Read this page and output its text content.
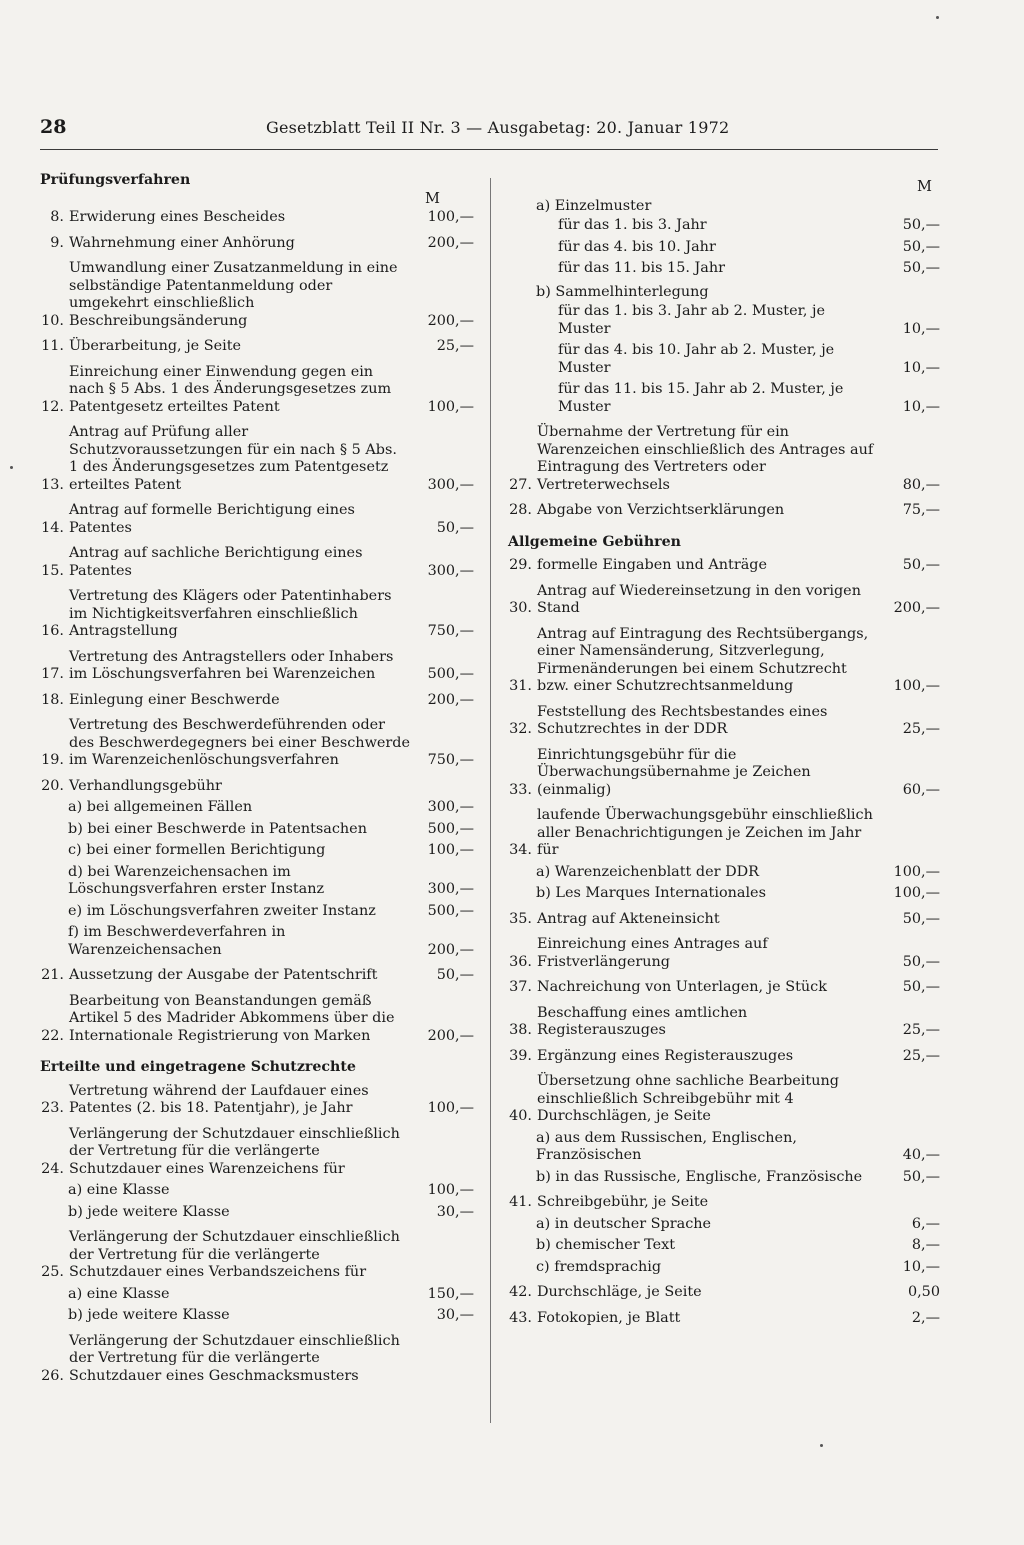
28	Gesetzblatt Teil II Nr. 3 — Ausgabetag: 20. Januar 1972
Prüfungsverfahren
M
8. Erwiderung eines Bescheides	100,—
9. Wahrnehmung einer Anhörung	200,—
10.
Umwandlung einer Zusatzanmeldung in eine selbständige Patentanmeldung oder umgekehrt einschließlich Beschreibungsänderung	200,—
11. Überarbeitung, je Seite	25,—
12.
Einreichung einer Einwendung gegen ein nach § 5 Abs. 1 des Änderungsgesetzes zum Patentgesetz erteiltes Patent	100,—
13.
Antrag auf Prüfung aller Schutzvoraussetzungen für ein nach § 5 Abs. 1 des Änderungsgesetzes zum Patentgesetz erteiltes Patent	300,—
14.
Antrag auf formelle Berichtigung eines Patentes	50,—
15.
Antrag auf sachliche Berichtigung eines Patentes	300,—
16.
Vertretung des Klägers oder Patentinhabers im Nichtigkeitsverfahren einschließlich Antragstellung	750,—
17.
Vertretung des Antragstellers oder Inhabers im Löschungsverfahren bei Warenzeichen	500,—
18. Einlegung einer Beschwerde	200,—
19.
Vertretung des Beschwerdeführenden oder des Beschwerdegegners bei einer Beschwerde im Warenzeichenlöschungsverfahren	750,—
20. Verhandlungsgebühr
a) bei allgemeinen Fällen	300,—
b) bei einer Beschwerde in Patentsachen	500,—
c) bei einer formellen Berichtigung	100,—
d) bei Warenzeichensachen im Löschungsverfahren erster Instanz	300,—
e) im Löschungsverfahren zweiter Instanz	500,—
f) im Beschwerdeverfahren in Warenzeichensachen	200,—
21. Aussetzung der Ausgabe der Patentschrift	50,—
22.
Bearbeitung von Beanstandungen gemäß Artikel 5 des Madrider Abkommens über die Internationale Registrierung von Marken	200,—
Erteilte und eingetragene Schutzrechte
23.
Vertretung während der Laufdauer eines Patentes (2. bis 18. Patentjahr), je Jahr	100,—
24.
Verlängerung der Schutzdauer einschließlich der Vertretung für die verlängerte Schutzdauer eines Warenzeichens für
a) eine Klasse	100,—
b) jede weitere Klasse	30,—
25.
Verlängerung der Schutzdauer einschließlich der Vertretung für die verlängerte Schutzdauer eines Verbandszeichens für
a) eine Klasse	150,—
b) jede weitere Klasse	30,—
26.
Verlängerung der Schutzdauer einschließlich der Vertretung für die verlängerte Schutzdauer eines Geschmacksmusters
M
a) Einzelmuster
für das 1. bis 3. Jahr	50,—
für das 4. bis 10. Jahr	50,—
für das 11. bis 15. Jahr	50,—
b) Sammelhinterlegung
für das 1. bis 3. Jahr ab 2. Muster, je Muster	10,—
für das 4. bis 10. Jahr ab 2. Muster, je Muster	10,—
für das 11. bis 15. Jahr ab 2. Muster, je Muster	10,—
27.
Übernahme der Vertretung für ein Warenzeichen einschließlich des Antrages auf Eintragung des Vertreters oder Vertreterwechsels	80,—
28. Abgabe von Verzichtserklärungen	75,—
Allgemeine Gebühren
29. formelle Eingaben und Anträge	50,—
30.
Antrag auf Wiedereinsetzung in den vorigen Stand	200,—
31.
Antrag auf Eintragung des Rechtsübergangs, einer Namensänderung, Sitzverlegung, Firmenänderungen bei einem Schutzrecht bzw. einer Schutzrechtsanmeldung	100,—
32.
Feststellung des Rechtsbestandes eines Schutzrechtes in der DDR	25,—
33.
Einrichtungsgebühr für die Überwachungsübernahme je Zeichen (einmalig)	60,—
34.
laufende Überwachungsgebühr einschließlich aller Benachrichtigungen je Zeichen im Jahr für
a) Warenzeichenblatt der DDR	100,—
b) Les Marques Internationales	100,—
35. Antrag auf Akteneinsicht	50,—
36.
Einreichung eines Antrages auf Fristverlängerung	50,—
37. Nachreichung von Unterlagen, je Stück	50,—
38.
Beschaffung eines amtlichen Registerauszuges	25,—
39. Ergänzung eines Registerauszuges	25,—
40.
Übersetzung ohne sachliche Bearbeitung einschließlich Schreibgebühr mit 4 Durchschlägen, je Seite
a) aus dem Russischen, Englischen, Französischen	40,—
b) in das Russische, Englische, Französische	50,—
41. Schreibgebühr, je Seite
a) in deutscher Sprache	6,—
b) chemischer Text	8,—
c) fremdsprachig	10,—
42. Durchschläge, je Seite	0,50
43. Fotokopien, je Blatt	2,—
